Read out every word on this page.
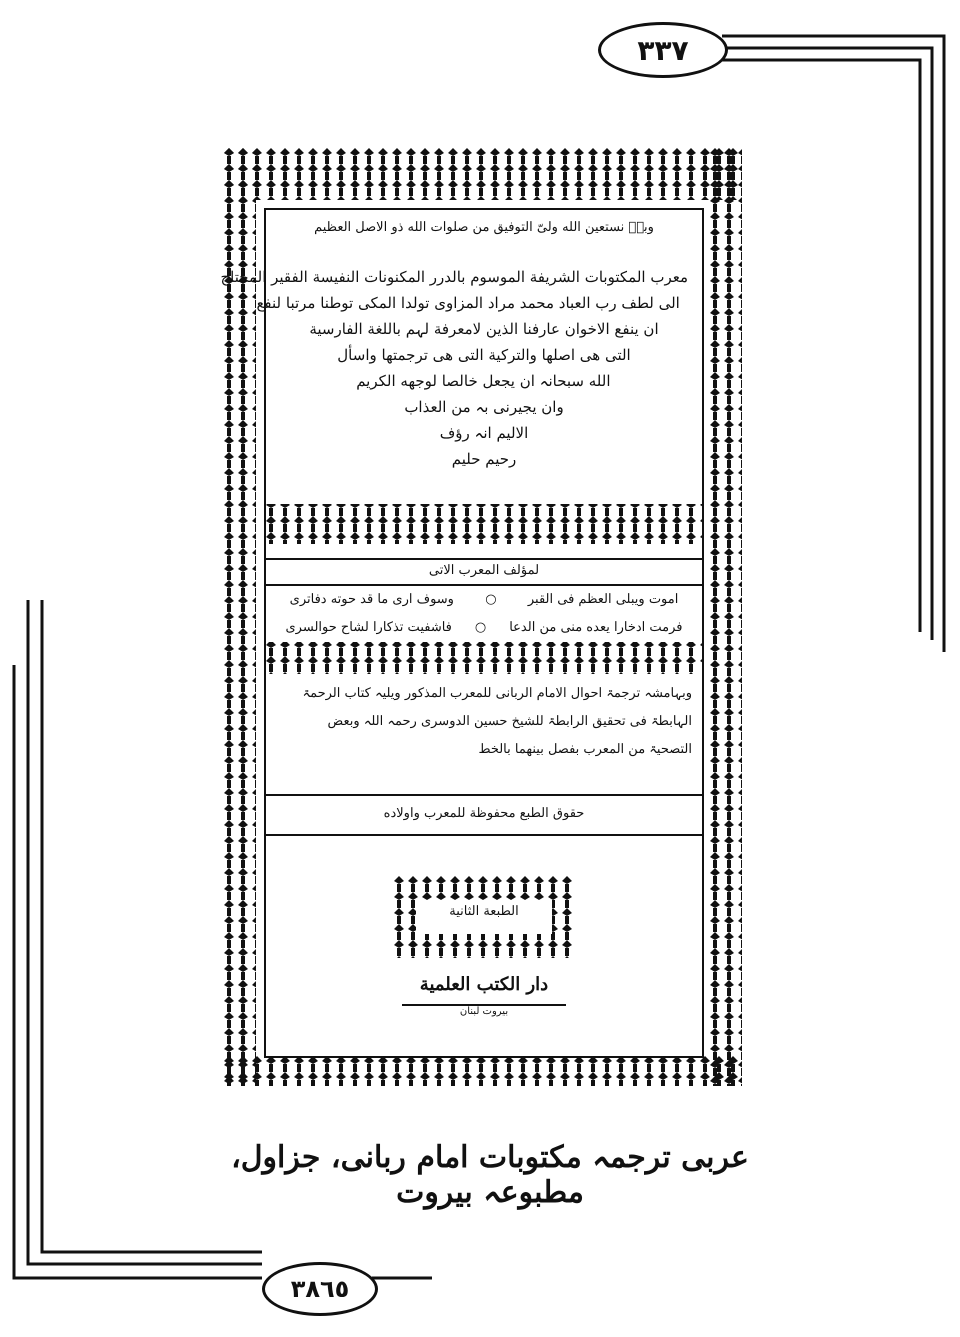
٣٣٧
٣٨٦٥
وبهٖ نستعين الله ولیّ التوفيق من صلوات الله ذو الاصل العظیم
معرب المکتوبات الشریفة الموسوم بالدرر المکنونات النفیسة الفقیر المحتاج
الی لطف رب العباد محمد مراد المزاوی تولدا المکی توطنا مرتبا لنفع
ان ینفع الاخوان عارفنا الذین لامعرفة لہم باللغة الفارسیة
التی هی اصلها والترکیة التی هی ترجمتها واسأل
الله سبحانہ ان یجعل خالصا لوجهه الکریم
وان یجیرنی بہ من العذاب
الالیم انہ رؤف
رحیم حلیم
لمؤلف المعرب الاتی
اموت ویبلی العظم فی القبر
○
وسوف اری ما قد حوته دفاتری
فرمت ادخارا یعده منی من الدعا
○
فاشفیت تذکارا لشاح حوالسری
وبہامشہ ترجمۃ احوال الامام الربانی للمعرب المذکور ویلیہ کتاب الرحمۃ
الہابطۃ فی تحقیق الرابطۃ للشیخ حسین الدوسری رحمہ اللہ وبعض
التصحیۃ من المعرب بفصل بینهما بالخط
حقوق الطبع محفوظة للمعرب واولاده
الطبعة الثانية
دار الکتب العلمیة
بیروت لبنان
عربی ترجمہ مکتوبات امام ربانی، جزاول، مطبوعہ بیروت
